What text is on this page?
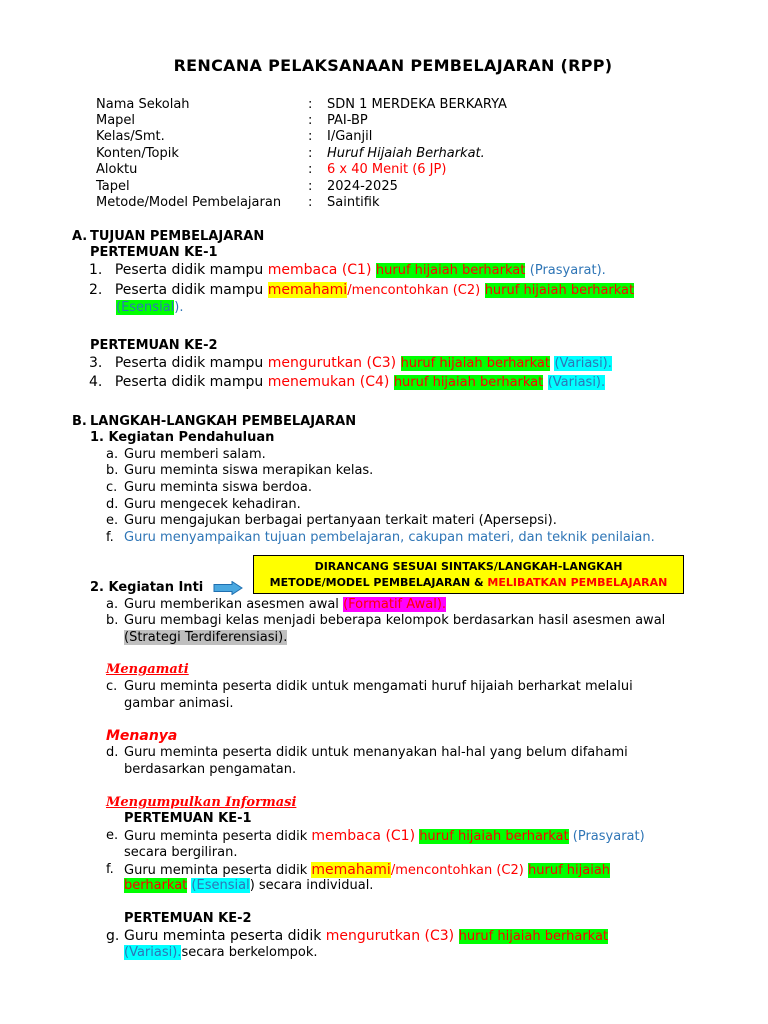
RENCANA PELAKSANAAN PEMBELAJARAN (RPP)
Nama Sekolah	: SDN 1 MERDEKA BERKARYA
Mapel	: PAI-BP
Kelas/Smt.	: I/Ganjil
Konten/Topik	: Huruf Hijaiah Berharkat.
Aloktu	: 6 x 40 Menit (6 JP)
Tapel	: 2024-2025
Metode/Model Pembelajaran : Saintifik
A. TUJUAN PEMBELAJARAN
PERTEMUAN KE-1
1. Peserta didik mampu membaca (C1) huruf hijaiah berharkat (Prasyarat).
2. Peserta didik mampu memahami/mencontohkan (C2) huruf hijaiah berharkat
(Esensial).
PERTEMUAN KE-2
3. Peserta didik mampu mengurutkan (C3) huruf hijaiah berharkat (Variasi).
4. Peserta didik mampu menemukan (C4) huruf hijaiah berharkat (Variasi).
B. LANGKAH-LANGKAH PEMBELAJARAN
1. Kegiatan Pendahuluan
a. Guru memberi salam.
b. Guru meminta siswa merapikan kelas.
c. Guru meminta siswa berdoa.
d. Guru mengecek kehadiran.
e. Guru mengajukan berbagai pertanyaan terkait materi (Apersepsi).
f. Guru menyampaikan tujuan pembelajaran, cakupan materi, dan teknik penilaian.
DIRANCANG SESUAI SINTAKS/LANGKAH-LANGKAH
METODE/MODEL PEMBELAJARAN & MELIBATKAN PEMBELAJARAN
2. Kegiatan Inti
a. Guru memberikan asesmen awal (Formatif Awal).
b. Guru membagi kelas menjadi beberapa kelompok berdasarkan hasil asesmen awal
(Strategi Terdiferensiasi).
Mengamati
c. Guru meminta peserta didik untuk mengamati huruf hijaiah berharkat melalui
gambar animasi.
Menanya
d. Guru meminta peserta didik untuk menanyakan hal-hal yang belum difahami
berdasarkan pengamatan.
Mengumpulkan Informasi
PERTEMUAN KE-1
e. Guru meminta peserta didik membaca (C1) huruf hijaiah berharkat (Prasyarat)
secara bergiliran.
f. Guru meminta peserta didik memahami/mencontohkan (C2) huruf hijaiah
berharkat (Esensial) secara individual.
PERTEMUAN KE-2
g. Guru meminta peserta didik mengurutkan (C3) huruf hijaiah berharkat
(Variasi).secara berkelompok.
